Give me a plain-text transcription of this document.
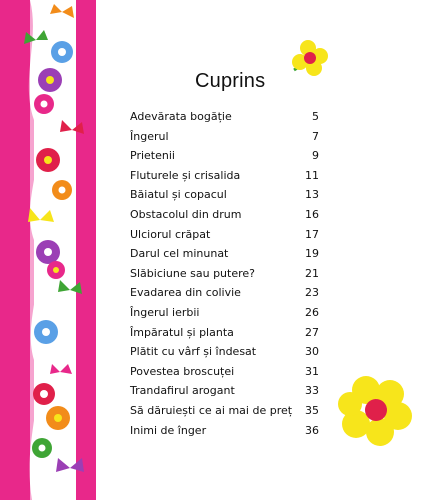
Cuprins
Adevărata bogăție	5
Îngerul	7
Prietenii	9
Fluturele și crisalida	11
Băiatul și copacul	13
Obstacolul din drum	16
Ulciorul crăpat	17
Darul cel minunat	19
Slăbiciune sau putere?	21
Evadarea din colivie	23
Îngerul ierbii	26
Împăratul și planta	27
Plătit cu vârf și îndesat	30
Povestea broscuței	31
Trandafirul arogant	33
Să dăruiești ce ai mai de preț	35
Inimi de înger	36
